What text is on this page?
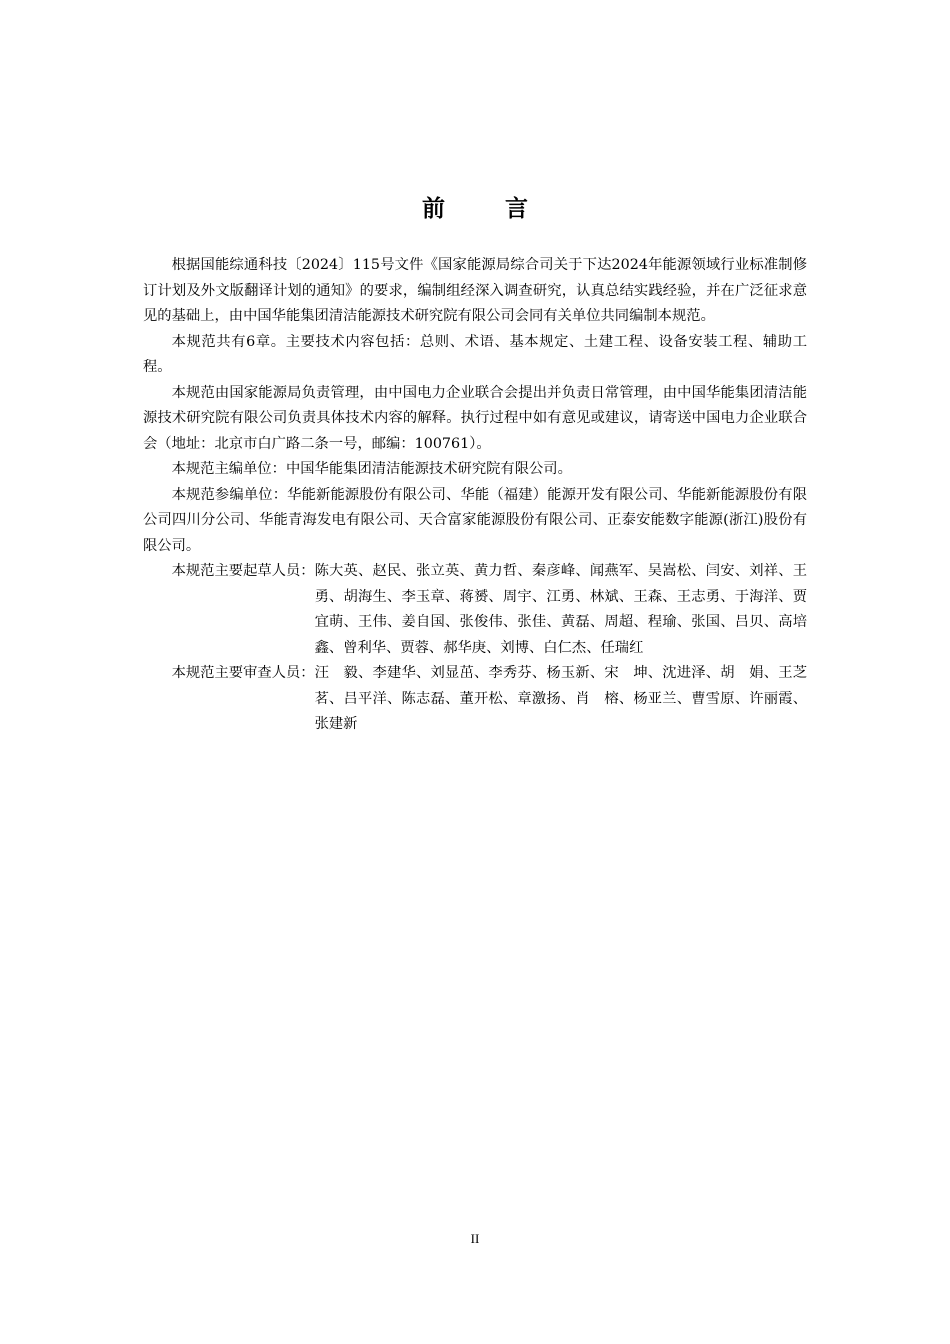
前 言

根据国能综通科技〔2024〕115号文件《国家能源局综合司关于下达2024年能源领域行业标准制修订计划及外文版翻译计划的通知》的要求，编制组经深入调查研究，认真总结实践经验，并在广泛征求意见的基础上，由中国华能集团清洁能源技术研究院有限公司会同有关单位共同编制本规范。

本规范共有6章。主要技术内容包括：总则、术语、基本规定、土建工程、设备安装工程、辅助工程。

本规范由国家能源局负责管理，由中国电力企业联合会提出并负责日常管理，由中国华能集团清洁能源技术研究院有限公司负责具体技术内容的解释。执行过程中如有意见或建议，请寄送中国电力企业联合会（地址：北京市白广路二条一号，邮编：100761）。

本规范主编单位：中国华能集团清洁能源技术研究院有限公司。

本规范参编单位：华能新能源股份有限公司、华能（福建）能源开发有限公司、华能新能源股份有限公司四川分公司、华能青海发电有限公司、天合富家能源股份有限公司、正泰安能数字能源(浙江)股份有限公司。

本规范主要起草人员： 陈大英、赵民、张立英、黄力哲、秦彦峰、闻燕军、吴嵩松、闫安、刘祥、王勇、胡海生、李玉章、蒋赟、周宇、江勇、林斌、王森、王志勇、于海洋、贾宜萌、王伟、姜自国、张俊伟、张佳、黄磊、周超、程瑜、张国、吕贝、高培鑫、曾利华、贾蓉、郝华庚、刘博、白仁杰、任瑞红
本规范主要审查人员： 汪　毅、李建华、刘显茁、李秀芬、杨玉新、宋　坤、沈进泽、胡　娟、王芝茗、吕平洋、陈志磊、董开松、章激扬、肖　榕、杨亚兰、曹雪原、许丽霞、张建新
II
